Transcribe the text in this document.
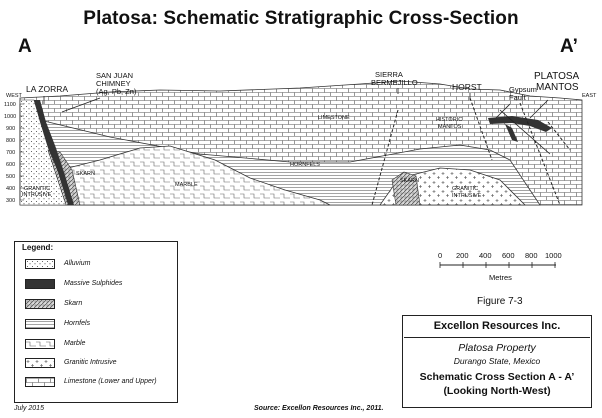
Platosa: Schematic Stratigraphic Cross-Section
A	A’
WEST	EAST
1100
1000
900
800
700
600
500
400
300
LA ZORRA
SAN JUAN
CHIMNEY
(Ag, Pb, Zn)
SIERRA
BERMEJILLO	HORST	Gypsum
Fault
PLATOSA
MANTOS
LIMESTONE	HISTORIC
MANTOS
HORNFELS
MARBLE
SKARN
SKARN
GRANITIC
INTRUSIVE
GRANITIC
INTRUSIVE
Legend:
Alluvium
Massive Sulphides
Skarn
Hornfels
Marble
Granitic Intrusive
Limestone (Lower and Upper)
0 200 400 600 800 1000
Metres
Figure 7-3
Excellon Resources Inc.
Platosa Property
Durango State, Mexico
Schematic Cross Section A - A’
(Looking North-West)
July 2015	Source: Excellon Resources Inc., 2011.
